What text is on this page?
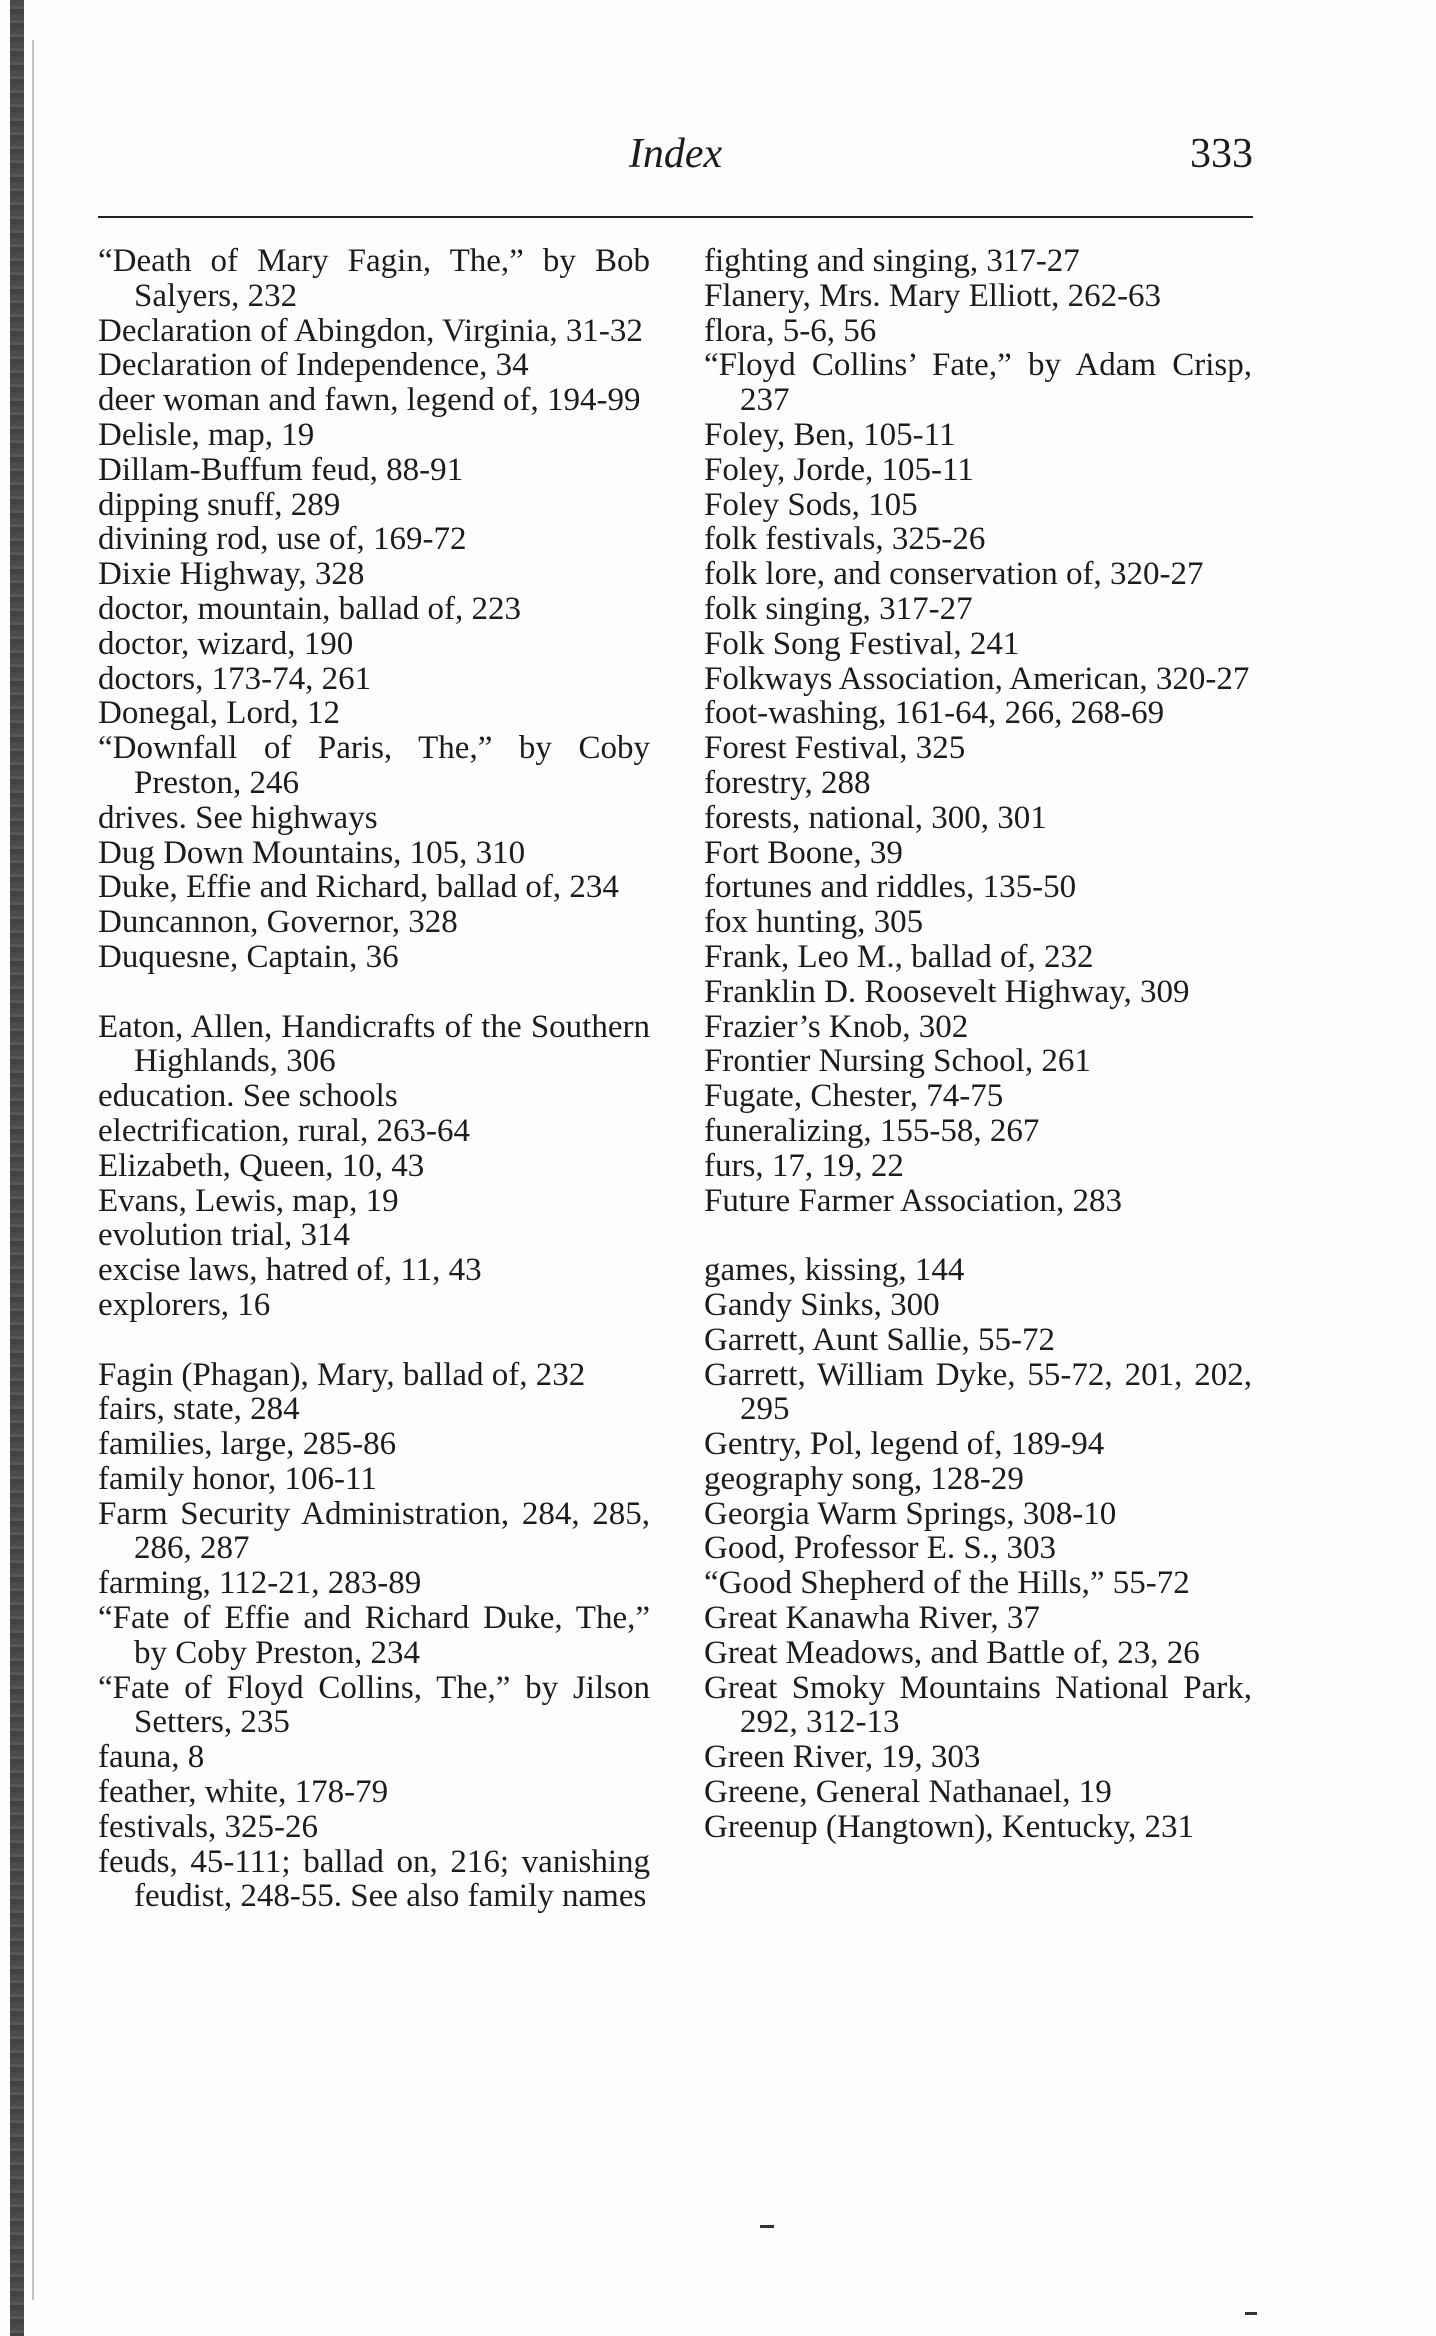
Index	333

“Death of Mary Fagin, The,” by Bob Salyers, 232

Declaration of Abingdon, Virginia, 31-32

Declaration of Independence, 34

deer woman and fawn, legend of, 194-99

Delisle, map, 19

Dillam-Buffum feud, 88-91

dipping snuff, 289

divining rod, use of, 169-72

Dixie Highway, 328

doctor, mountain, ballad of, 223

doctor, wizard, 190

doctors, 173-74, 261

Donegal, Lord, 12

“Downfall of Paris, The,” by Coby Preston, 246

drives. See highways

Dug Down Mountains, 105, 310

Duke, Effie and Richard, ballad of, 234

Duncannon, Governor, 328

Duquesne, Captain, 36

Eaton, Allen, Handicrafts of the Southern Highlands, 306

education. See schools

electrification, rural, 263-64

Elizabeth, Queen, 10, 43

Evans, Lewis, map, 19

evolution trial, 314

excise laws, hatred of, 11, 43

explorers, 16

Fagin (Phagan), Mary, ballad of, 232

fairs, state, 284

families, large, 285-86

family honor, 106-11

Farm Security Administration, 284, 285, 286, 287

farming, 112-21, 283-89

“Fate of Effie and Richard Duke, The,” by Coby Preston, 234

“Fate of Floyd Collins, The,” by Jilson Setters, 235

fauna, 8

feather, white, 178-79

festivals, 325-26

feuds, 45-111; ballad on, 216; vanishing feudist, 248-55. See also family names

fighting and singing, 317-27

Flanery, Mrs. Mary Elliott, 262-63

flora, 5-6, 56

“Floyd Collins’ Fate,” by Adam Crisp, 237

Foley, Ben, 105-11

Foley, Jorde, 105-11

Foley Sods, 105

folk festivals, 325-26

folk lore, and conservation of, 320-27

folk singing, 317-27

Folk Song Festival, 241

Folkways Association, American, 320-27

foot-washing, 161-64, 266, 268-69

Forest Festival, 325

forestry, 288

forests, national, 300, 301

Fort Boone, 39

fortunes and riddles, 135-50

fox hunting, 305

Frank, Leo M., ballad of, 232

Franklin D. Roosevelt Highway, 309

Frazier’s Knob, 302

Frontier Nursing School, 261

Fugate, Chester, 74-75

funeralizing, 155-58, 267

furs, 17, 19, 22

Future Farmer Association, 283

games, kissing, 144

Gandy Sinks, 300

Garrett, Aunt Sallie, 55-72

Garrett, William Dyke, 55-72, 201, 202, 295

Gentry, Pol, legend of, 189-94

geography song, 128-29

Georgia Warm Springs, 308-10

Good, Professor E. S., 303

“Good Shepherd of the Hills,” 55-72

Great Kanawha River, 37

Great Meadows, and Battle of, 23, 26

Great Smoky Mountains National Park, 292, 312-13

Green River, 19, 303

Greene, General Nathanael, 19

Greenup (Hangtown), Kentucky, 231
